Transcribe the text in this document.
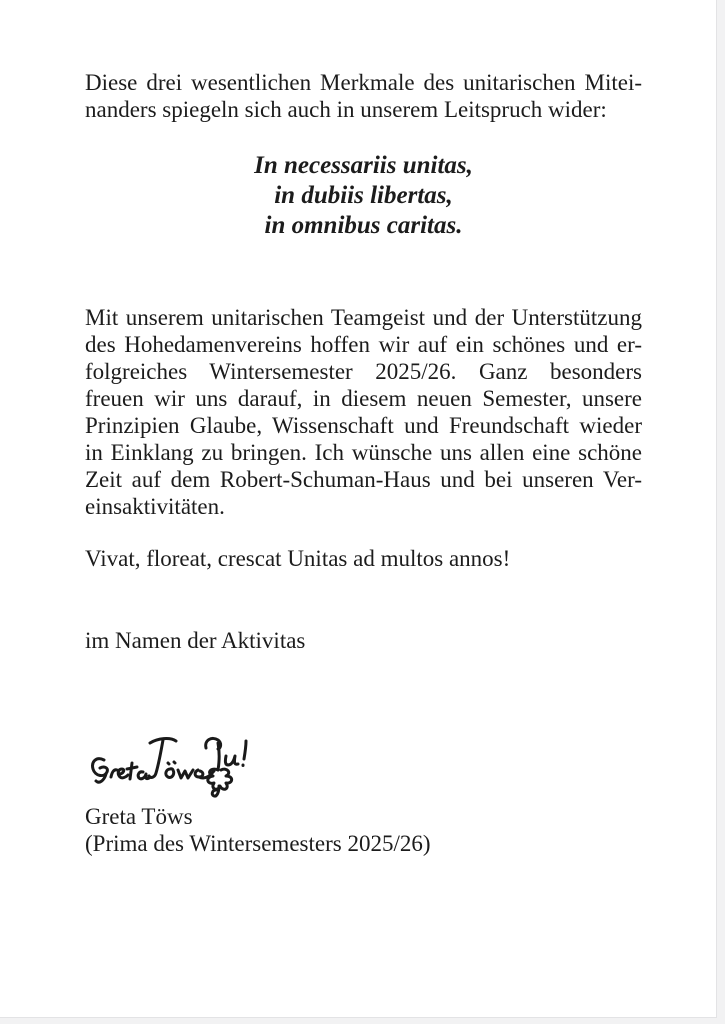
Diese drei wesentlichen Merkmale des unitarischen Mitei-
nanders spiegeln sich auch in unserem Leitspruch wider:
In necessariis unitas,
in dubiis libertas,
in omnibus caritas.
Mit unserem unitarischen Teamgeist und der Unterstützung
des Hohedamenvereins hoffen wir auf ein schönes und er-
folgreiches Wintersemester 2025/26. Ganz besonders
freuen wir uns darauf, in diesem neuen Semester, unsere
Prinzipien Glaube, Wissenschaft und Freundschaft wieder
in Einklang zu bringen. Ich wünsche uns allen eine schöne
Zeit auf dem Robert-Schuman-Haus und bei unseren Ver-
einsaktivitäten.
Vivat, floreat, crescat Unitas ad multos annos!
im Namen der Aktivitas
Greta Töws
(Prima des Wintersemesters 2025/26)
